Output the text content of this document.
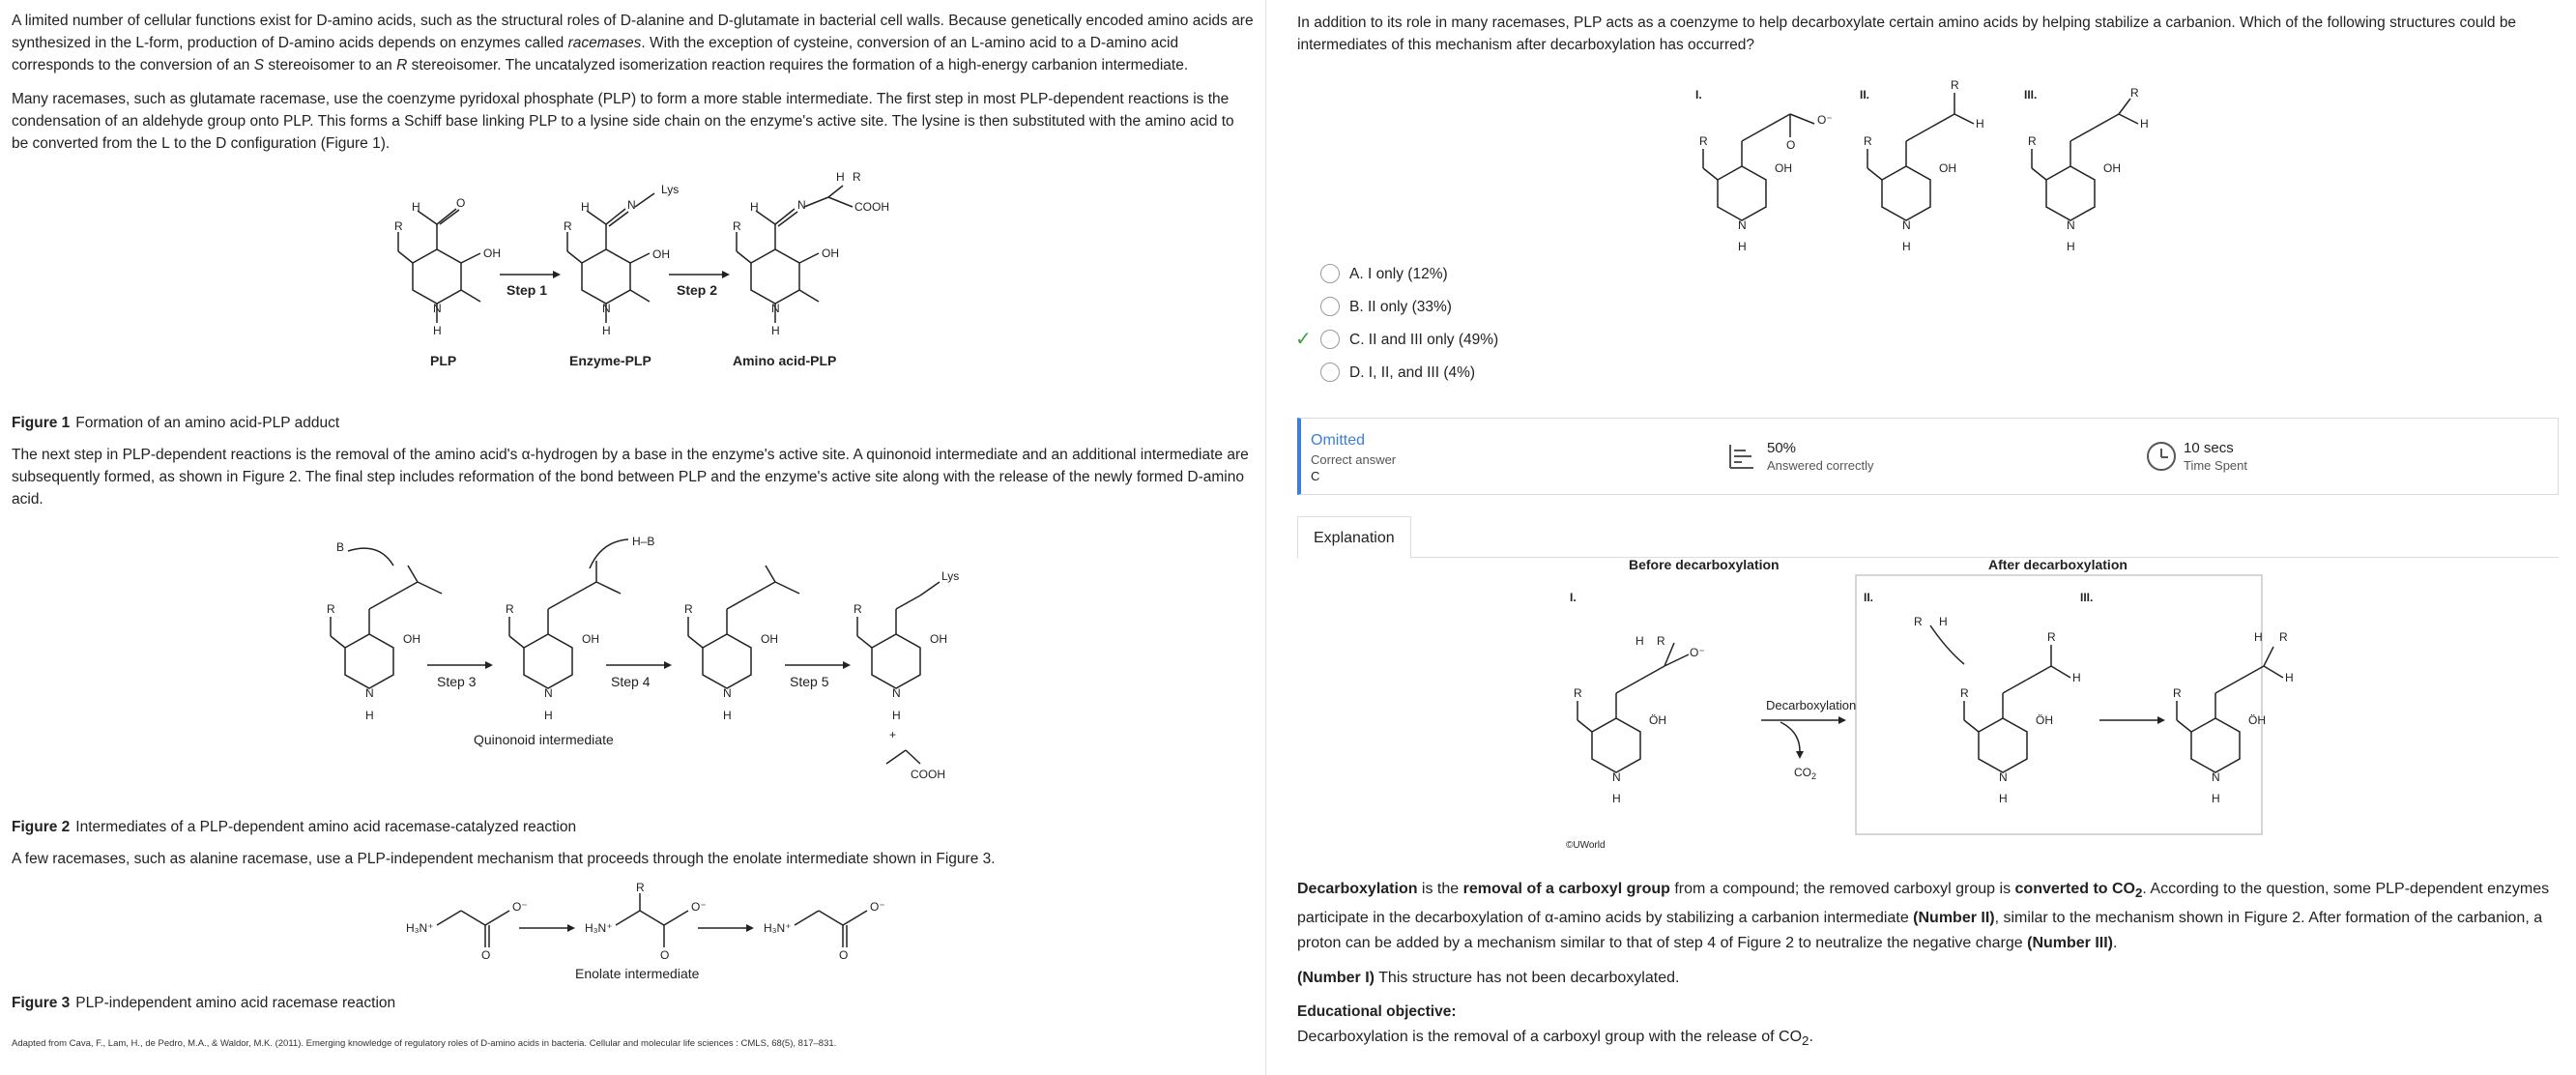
A limited number of cellular functions exist for D-amino acids, such as the structural roles of D-alanine and D-glutamate in bacterial cell walls. Because genetically encoded amino acids are synthesized in the L-form, production of D-amino acids depends on enzymes called racemases. With the exception of cysteine, conversion of an L-amino acid to a D-amino acid corresponds to the conversion of an S stereoisomer to an R stereoisomer. The uncatalyzed isomerization reaction requires the formation of a high-energy carbanion intermediate.

Many racemases, such as glutamate racemase, use the coenzyme pyridoxal phosphate (PLP) to form a more stable intermediate. The first step in most PLP-dependent reactions is the condensation of an aldehyde group onto PLP. This forms a Schiff base linking PLP to a lysine side chain on the enzyme's active site. The lysine is then substituted with the amino acid to be converted from the L to the D configuration (Figure 1).

R
H	O
OH
N
H
R
H	N
OH
N
H
Lys
R
H	N
OH
N
H
H R
COOH
Step 1	Step 2
PLP	Enzyme-PLP	Amino acid-PLP
Figure 1 Formation of an amino acid-PLP adduct

The next step in PLP-dependent reactions is the removal of the amino acid's α-hydrogen by a base in the enzyme's active site. A quinonoid intermediate and an additional intermediate are subsequently formed, as shown in Figure 2. The final step includes reformation of the bond between PLP and the enzyme's active site along with the release of the newly formed D-amino acid.

B
R
N
H
OH
R
N
H
OH
H–B
R
N
H
OH
R
N
H
OH
Lys
+
COOH
Step 3	Step 4	Step 5
Quinonoid intermediate
Figure 2 Intermediates of a PLP-dependent amino acid racemase-catalyzed reaction

A few racemases, such as alanine racemase, use a PLP-independent mechanism that proceeds through the enolate intermediate shown in Figure 3.

H₃N⁺
O⁻
O
H₃N⁺
O⁻
O
R
H₃N⁺
O⁻
O
Enolate intermediate
Figure 3 PLP-independent amino acid racemase reaction
Adapted from Cava, F., Lam, H., de Pedro, M.A., & Waldor, M.K. (2011). Emerging knowledge of regulatory roles of D-amino acids in bacteria. Cellular and molecular life sciences : CMLS, 68(5), 817–831.

In addition to its role in many racemases, PLP acts as a coenzyme to help decarboxylate certain amino acids by helping stabilize a carbanion. Which of the following structures could be intermediates of this mechanism after decarboxylation has occurred?

I.	II.	III.
R
N
H
OH
O⁻
O	R
N
H
OH
R
H
R
N
H
OH
H
R
A. I only (12%)
B. II only (33%)
✓	C. II and III only (49%)
D. I, II, and III (4%)
Omitted
Correct answer
C
50%
Answered correctly
10 secs
Time Spent
Explanation
I.	II.	III.
R
N
H
ÖH
O⁻
H R
R
N
H
ÖH
R
H
R H
R
N
H
ÖH
H
H R
$CO_2$
©UWorld
Decarboxylation
Before decarboxylation	After decarboxylation

Decarboxylation is the removal of a carboxyl group from a compound; the removed carboxyl group is converted to $CO_2$. According to the question, some PLP-dependent enzymes participate in the decarboxylation of α-amino acids by stabilizing a carbanion intermediate (Number II), similar to the mechanism shown in Figure 2. After formation of the carbanion, a proton can be added by a mechanism similar to that of step 4 of Figure 2 to neutralize the negative charge (Number III).

(Number I) This structure has not been decarboxylated.

Educational objective:

Decarboxylation is the removal of a carboxyl group with the release of $CO_2$.
